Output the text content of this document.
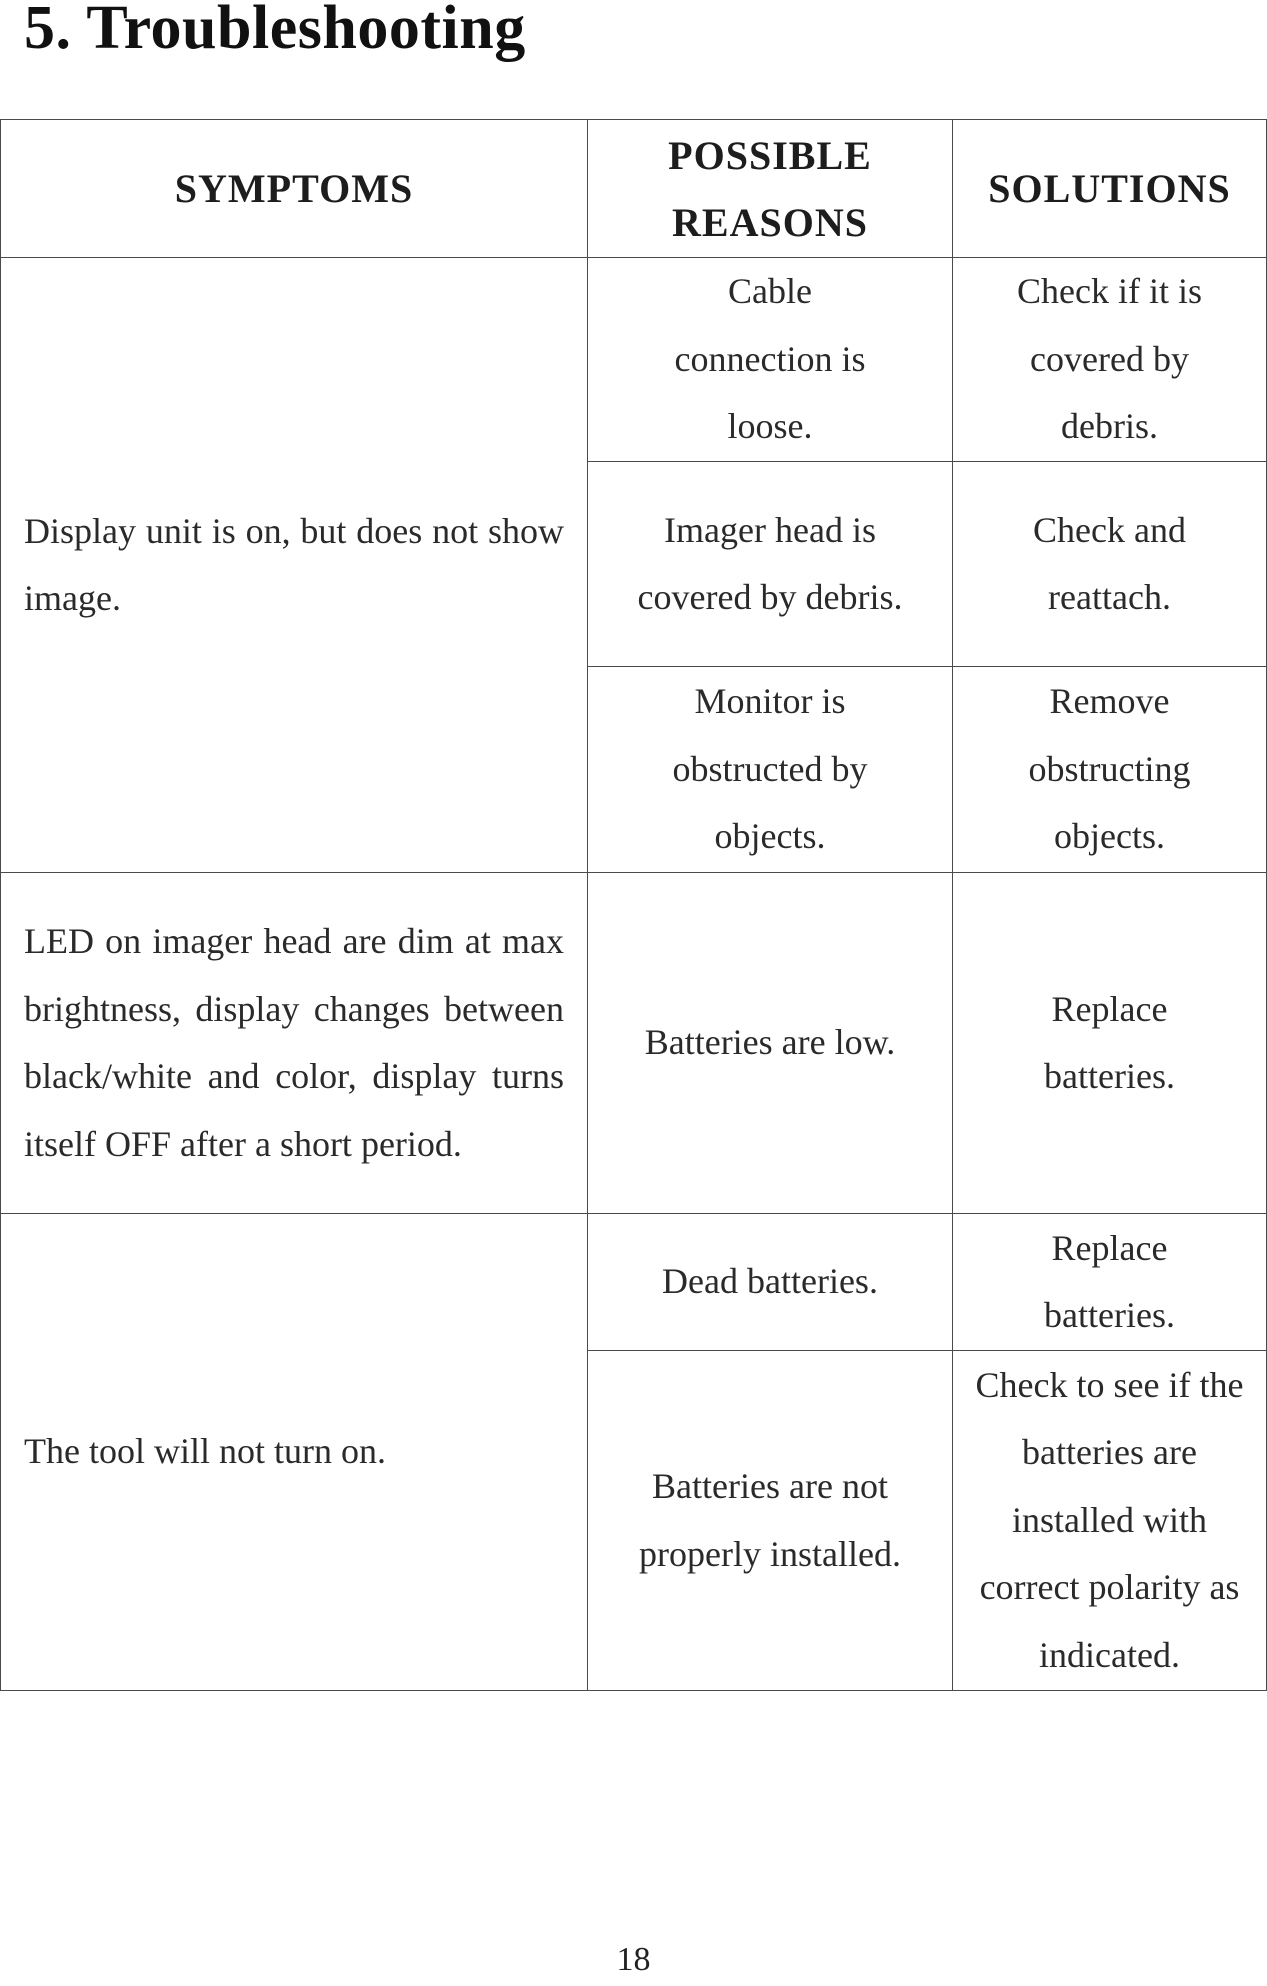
5. Troubleshooting
SYMPTOMS	POSSIBLE REASONS	SOLUTIONS
Display unit is on, but does not show image.	Cable connection is loose.	Check if it is covered by debris.
	Imager head is covered by debris.	Check and reattach.
	Monitor is obstructed by objects.	Remove obstructing objects.
LED on imager head are dim at max brightness, display changes between black/white and color, display turns itself OFF after a short period.	Batteries are low.	Replace batteries.
The tool will not turn on.	Dead batteries.	Replace batteries.
	Batteries are not properly installed.	Check to see if the batteries are installed with correct polarity as indicated.
18
